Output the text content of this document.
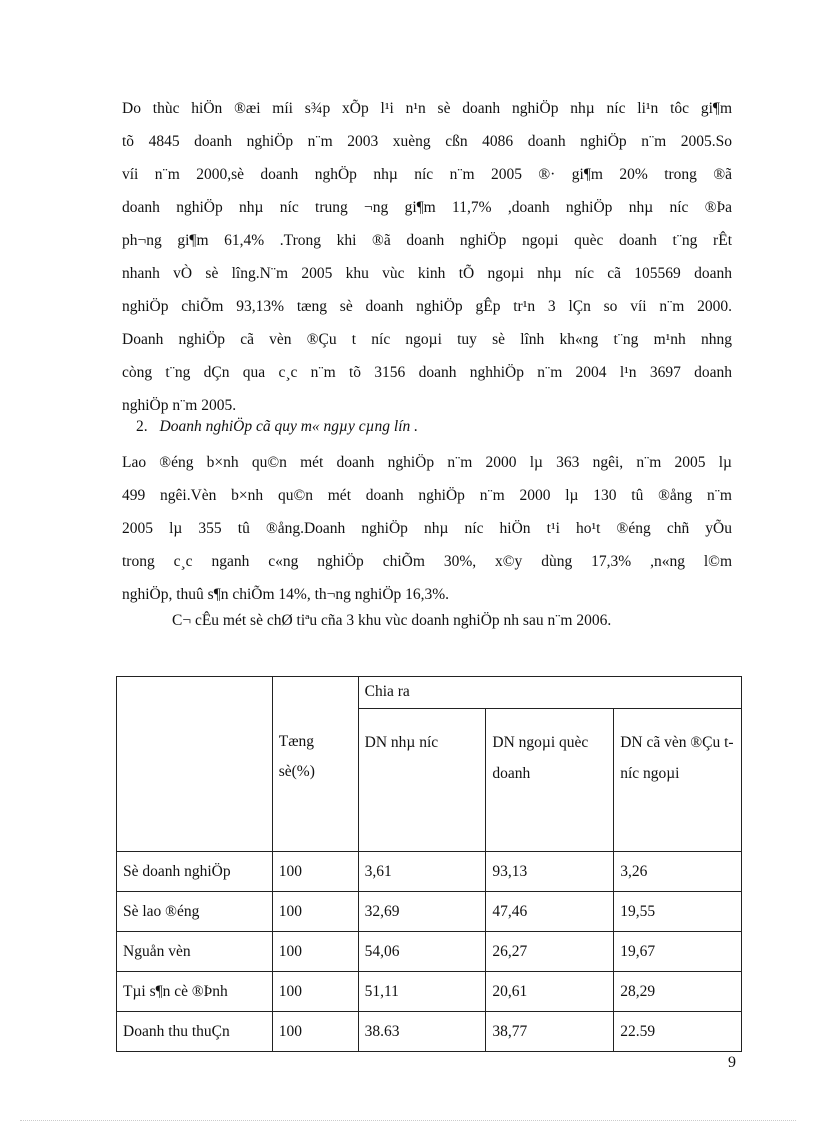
Do thùc hiÖn ®æi míi s¾p xÕp l¹i n¹n sè doanh nghiÖp nhµ níc li¹n tôc gi¶m
tõ 4845 doanh nghiÖp n¨m 2003 xuèng cßn 4086 doanh nghiÖp n¨m 2005.So
víi n¨m 2000,sè doanh nghÖp nhµ níc n¨m 2005 ®· gi¶m 20% trong ®ã
doanh nghiÖp nhµ níc trung ¬ng gi¶m 11,7% ,doanh nghiÖp nhµ níc ®Þa
ph¬ng gi¶m 61,4% .Trong khi ®ã doanh nghiÖp ngoµi quèc doanh t¨ng rÊt
nhanh vÒ sè lîng.N¨m 2005 khu vùc kinh tÕ ngoµi nhµ níc cã 105569 doanh
nghiÖp chiÕm 93,13% tæng sè doanh nghiÖp gÊp tr¹n 3 lÇn so víi n¨m 2000.
Doanh nghiÖp cã vèn ®Çu t níc ngoµi tuy sè lînh kh«ng t¨ng m¹nh nhng
còng t¨ng dÇn qua c¸c n¨m tõ 3156 doanh nghhiÖp n¨m 2004 l¹n 3697 doanh
nghiÖp n¨m 2005.
2. Doanh nghiÖp cã quy m« ngµy cµng lín .
Lao ®éng b×nh qu©n mét doanh nghiÖp n¨m 2000 lµ 363 ngêi, n¨m 2005 lµ
499 ngêi.Vèn b×nh qu©n mét doanh nghiÖp n¨m 2000 lµ 130 tû ®ång n¨m
2005 lµ 355 tû ®ång.Doanh nghiÖp nhµ níc hiÖn t¹i ho¹t ®éng chñ yÕu
trong c¸c nganh c«ng nghiÖp chiÕm 30%, x©y dùng 17,3% ,n«ng l©m
nghiÖp, thuû s¶n chiÕm 14%, th¬ng nghiÖp 16,3%.
C¬ cÊu mét sè chØ tiªu cña 3 khu vùc doanh nghiÖp nh sau n¨m 2006.
	Tæng sè(%)	Chia ra		
		DN nhµ níc	DN ngoµi quèc doanh	DN cã vèn ®Çu t níc ngoµi
Sè doanh nghiÖp	100	3,61	93,13	3,26
Sè lao ®éng	100	32,69	47,46	19,55
Nguån vèn	100	54,06	26,27	19,67
Tµi s¶n cè ®Þnh	100	51,11	20,61	28,29
Doanh thu thuÇn	100	38.63	38,77	22.59
9
